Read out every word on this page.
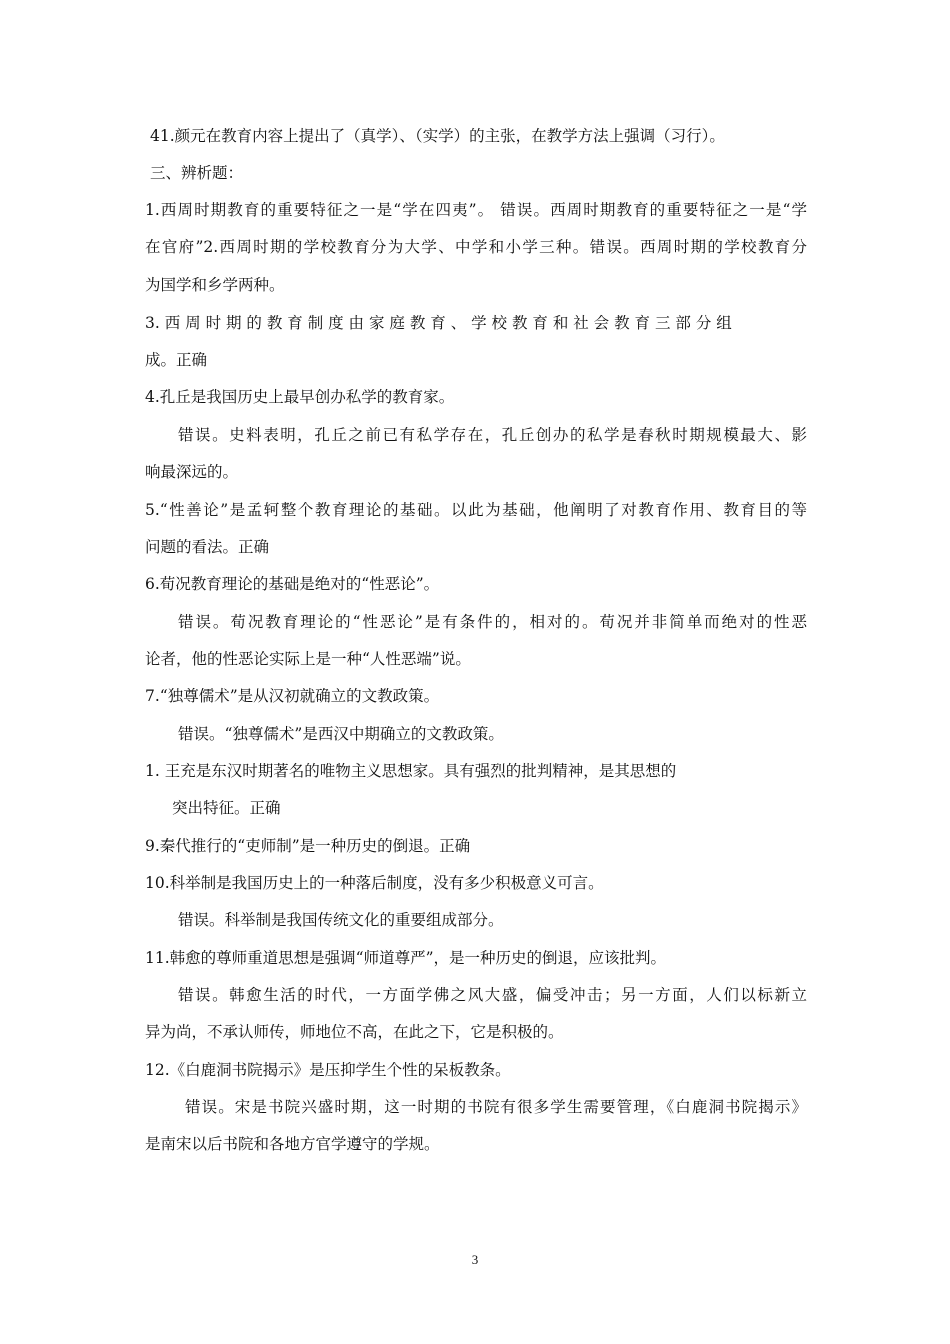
41.颜元在教育内容上提出了（真学）、（实学）的主张，在教学方法上强调（习行）。
三、辨析题：
1.西周时期教育的重要特征之一是“学在四夷”。 错误。西周时期教育的重要特征之一是“学
在官府”2.西周时期的学校教育分为大学、中学和小学三种。错误。西周时期的学校教育分
为国学和乡学两种。
3. 西 周 时 期 的 教 育 制 度 由 家 庭 教 育 、 学 校 教 育 和 社 会 教 育 三 部 分 组
成。正确
4.孔丘是我国历史上最早创办私学的教育家。
错误。史料表明，孔丘之前已有私学存在，孔丘创办的私学是春秋时期规模最大、影
响最深远的。
5.“性善论”是孟轲整个教育理论的基础。以此为基础，他阐明了对教育作用、教育目的等
问题的看法。正确
6.荀况教育理论的基础是绝对的“性恶论”。
错误。荀况教育理论的“性恶论”是有条件的，相对的。荀况并非简单而绝对的性恶
论者，他的性恶论实际上是一种“人性恶端”说。
7.“独尊儒术”是从汉初就确立的文教政策。
错误。“独尊儒术”是西汉中期确立的文教政策。
1. 王充是东汉时期著名的唯物主义思想家。具有强烈的批判精神，是其思想的
突出特征。正确
9.秦代推行的“吏师制”是一种历史的倒退。正确
10.科举制是我国历史上的一种落后制度，没有多少积极意义可言。
错误。科举制是我国传统文化的重要组成部分。
11.韩愈的尊师重道思想是强调“师道尊严”，是一种历史的倒退，应该批判。
错误。韩愈生活的时代，一方面学佛之风大盛，偏受冲击；另一方面，人们以标新立
异为尚，不承认师传，师地位不高，在此之下，它是积极的。
12.《白鹿洞书院揭示》是压抑学生个性的呆板教条。
错误。宋是书院兴盛时期，这一时期的书院有很多学生需要管理，《白鹿洞书院揭示》
是南宋以后书院和各地方官学遵守的学规。
3
